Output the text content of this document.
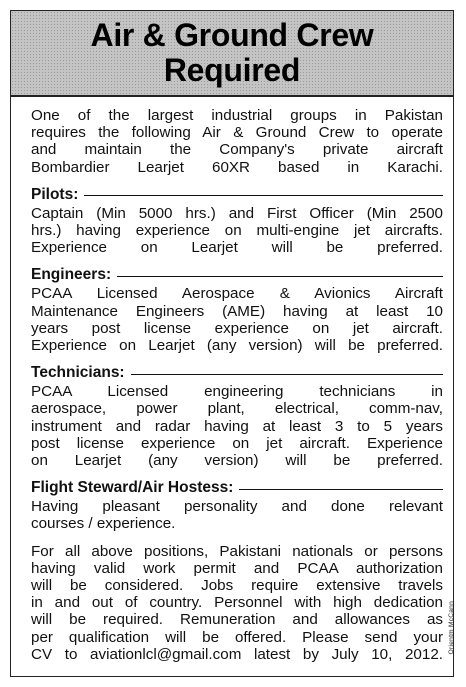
Air & Ground Crew
Required
One of the largest industrial groups in Pakistan
requires the following Air & Ground Crew to operate
and maintain the Company's private aircraft
Bombardier Learjet 60XR based in Karachi.
Pilots:
Captain (Min 5000 hrs.) and First Officer (Min 2500
hrs.) having experience on multi-engine jet aircrafts.
Experience on Learjet will be preferred.
Engineers:
PCAA Licensed Aerospace & Avionics Aircraft
Maintenance Engineers (AME) having at least 10
years post license experience on jet aircraft.
Experience on Learjet (any version) will be preferred.
Technicians:
PCAA Licensed engineering technicians in
aerospace, power plant, electrical, comm-nav,
instrument and radar having at least 3 to 5 years
post license experience on jet aircraft. Experience
on Learjet (any version) will be preferred.
Flight Steward/Air Hostess:
Having pleasant personality and done relevant
courses / experience.
For all above positions, Pakistani nationals or persons
having valid work permit and PCAA authorization
will be considered. Jobs require extensive travels
in and out of country. Personnel with high dedication
will be required. Remuneration and allowances as
per qualification will be offered. Please send your
CV to aviationlcl@gmail.com latest by July 10, 2012.
Orientm McCann
